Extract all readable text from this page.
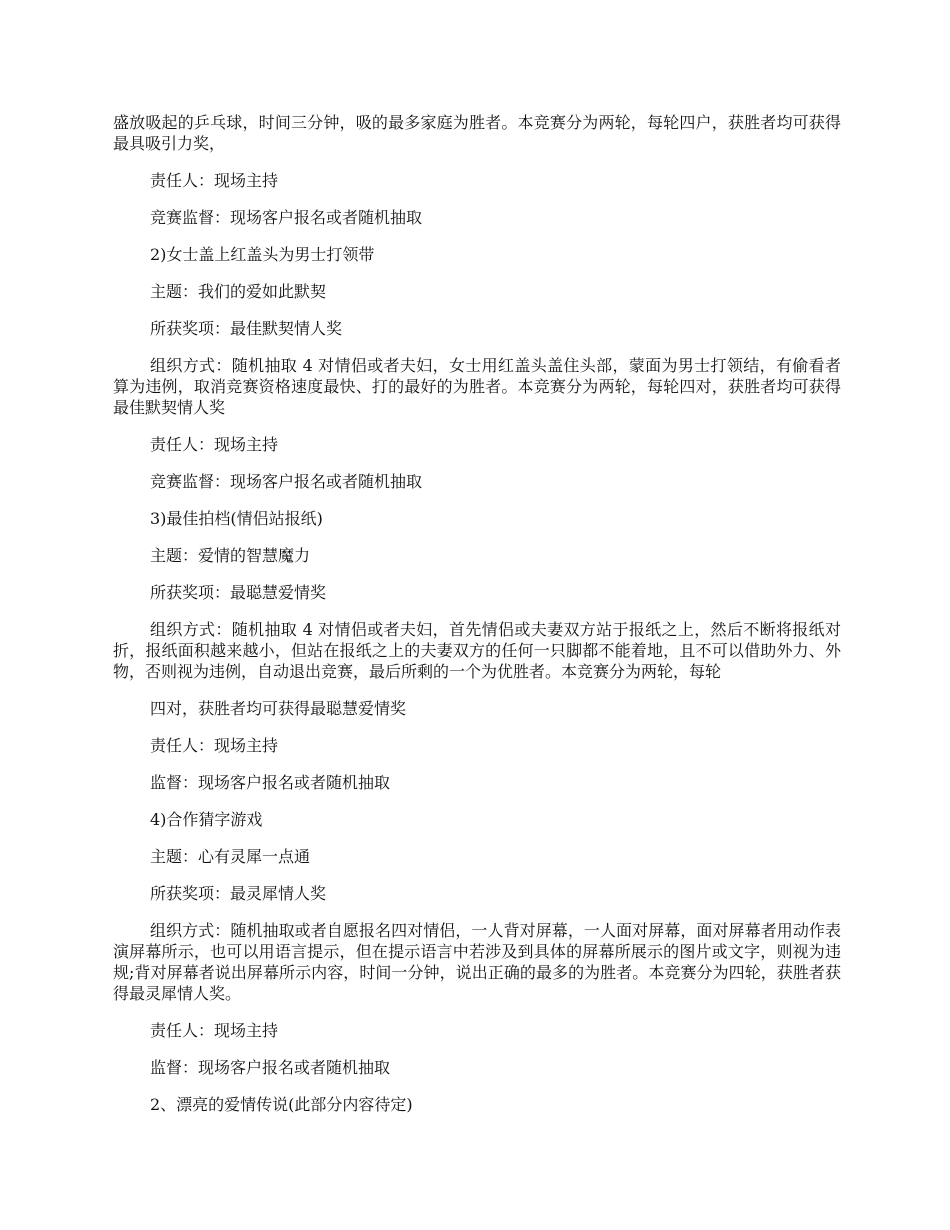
盛放吸起的乒乓球，时间三分钟，吸的最多家庭为胜者。本竞赛分为两轮，每轮四户，获胜者均可获得最具吸引力奖，

责任人：现场主持

竞赛监督：现场客户报名或者随机抽取

2)女士盖上红盖头为男士打领带

主题：我们的爱如此默契

所获奖项：最佳默契情人奖

组织方式：随机抽取 4 对情侣或者夫妇，女士用红盖头盖住头部，蒙面为男士打领结，有偷看者算为违例，取消竞赛资格速度最快、打的最好的为胜者。本竞赛分为两轮，每轮四对，获胜者均可获得最佳默契情人奖

责任人：现场主持

竞赛监督：现场客户报名或者随机抽取

3)最佳拍档(情侣站报纸)

主题：爱情的智慧魔力

所获奖项：最聪慧爱情奖

组织方式：随机抽取 4 对情侣或者夫妇，首先情侣或夫妻双方站于报纸之上，然后不断将报纸对折，报纸面积越来越小，但站在报纸之上的夫妻双方的任何一只脚都不能着地，且不可以借助外力、外物，否则视为违例，自动退出竞赛，最后所剩的一个为优胜者。本竞赛分为两轮，每轮

四对，获胜者均可获得最聪慧爱情奖

责任人：现场主持

监督：现场客户报名或者随机抽取

4)合作猜字游戏

主题：心有灵犀一点通

所获奖项：最灵犀情人奖

组织方式：随机抽取或者自愿报名四对情侣，一人背对屏幕，一人面对屏幕，面对屏幕者用动作表演屏幕所示，也可以用语言提示，但在提示语言中若涉及到具体的屏幕所展示的图片或文字，则视为违规;背对屏幕者说出屏幕所示内容，时间一分钟，说出正确的最多的为胜者。本竞赛分为四轮，获胜者获得最灵犀情人奖。

责任人：现场主持

监督：现场客户报名或者随机抽取

2、漂亮的爱情传说(此部分内容待定)
